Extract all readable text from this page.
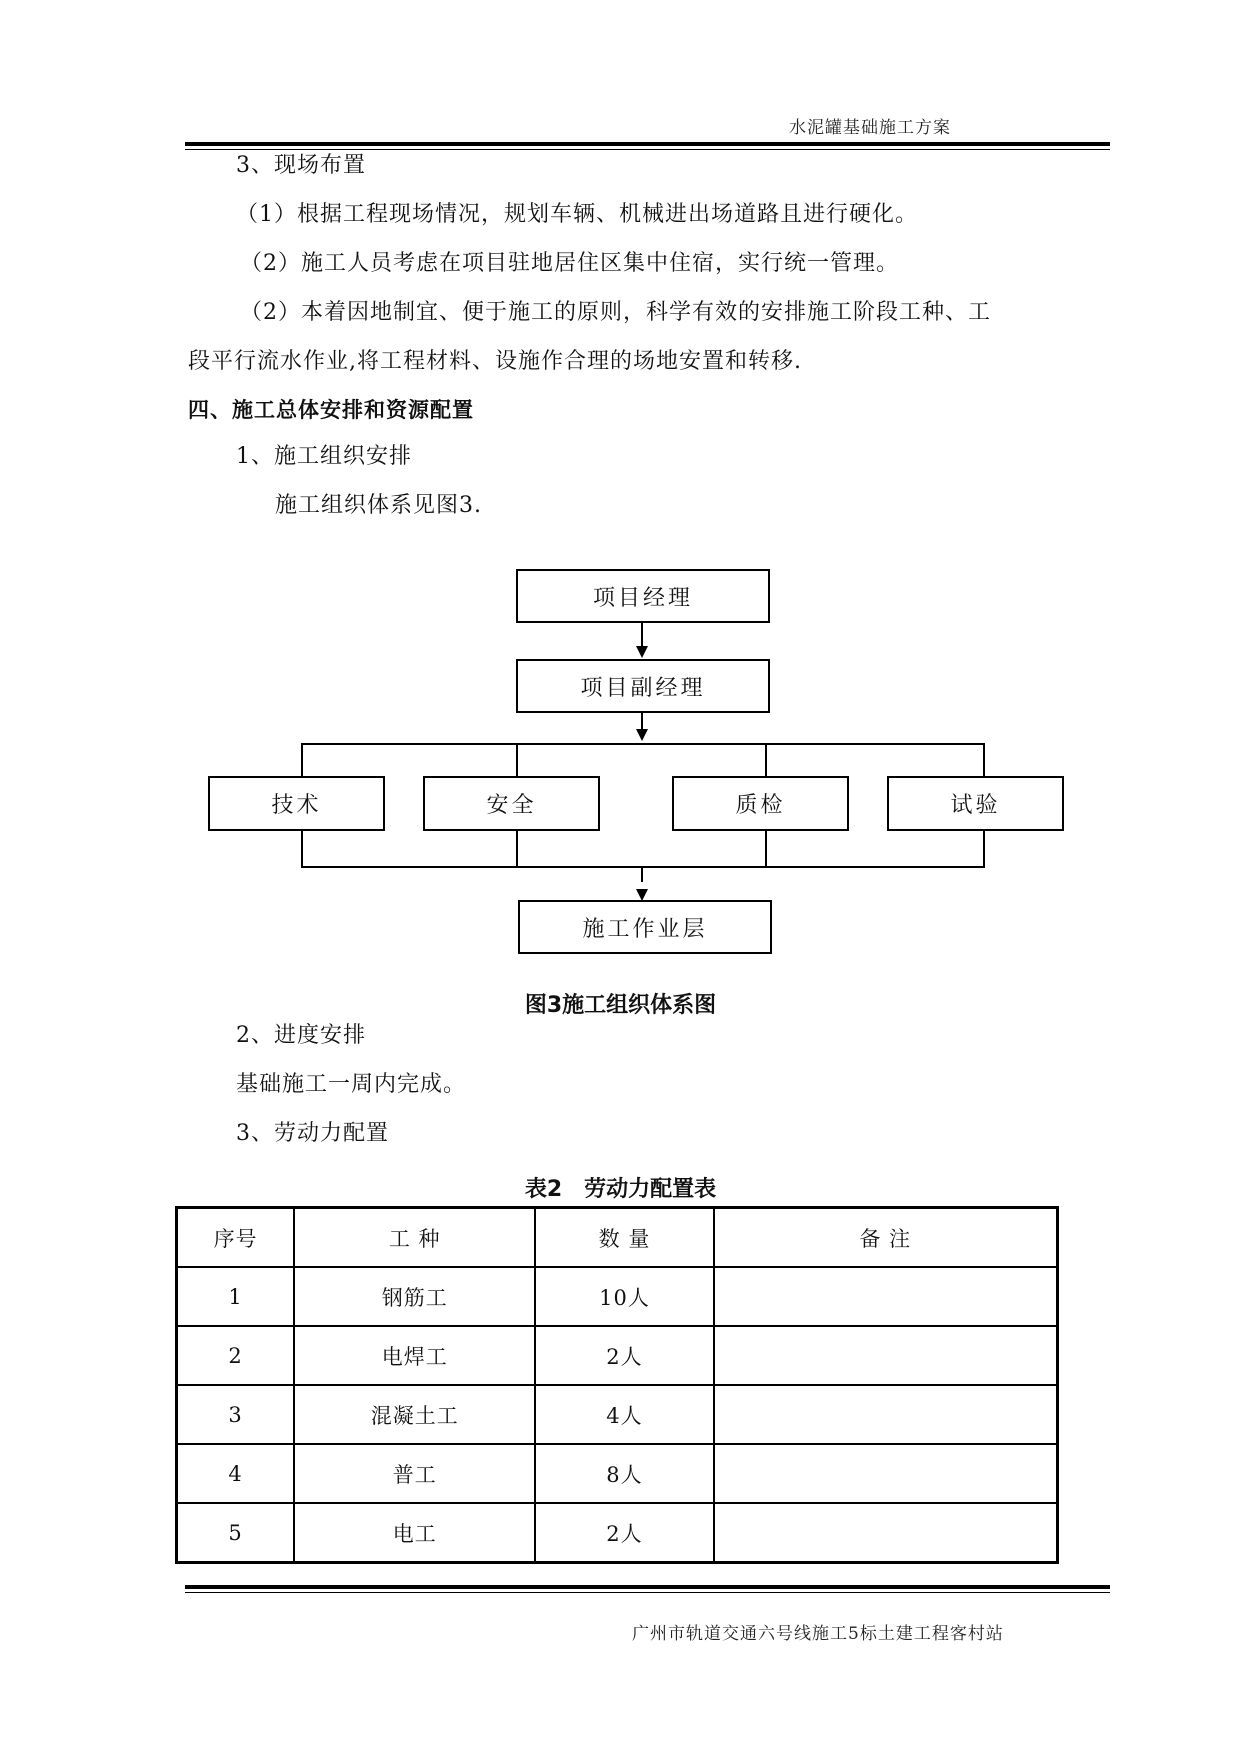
水泥罐基础施工方案
3、现场布置
（1）根据工程现场情况，规划车辆、机械进出场道路且进行硬化。
（2）施工人员考虑在项目驻地居住区集中住宿，实行统一管理。
（2）本着因地制宜、便于施工的原则，科学有效的安排施工阶段工种、工
段平行流水作业,将工程材料、设施作合理的场地安置和转移.
四、施工总体安排和资源配置
1、施工组织安排
施工组织体系见图3.
项目经理
项目副经理
技术	安全	质检	试验
施工作业层
图3施工组织体系图
2、进度安排
基础施工一周内完成。
3、劳动力配置
表2　劳动力配置表
序号	工 种	数 量	备 注
1	钢筋工	10人	
2	电焊工	2人	
3	混凝土工	4人	
4	普工	8人	
5	电工	2人	
广州市轨道交通六号线施工5标土建工程客村站
